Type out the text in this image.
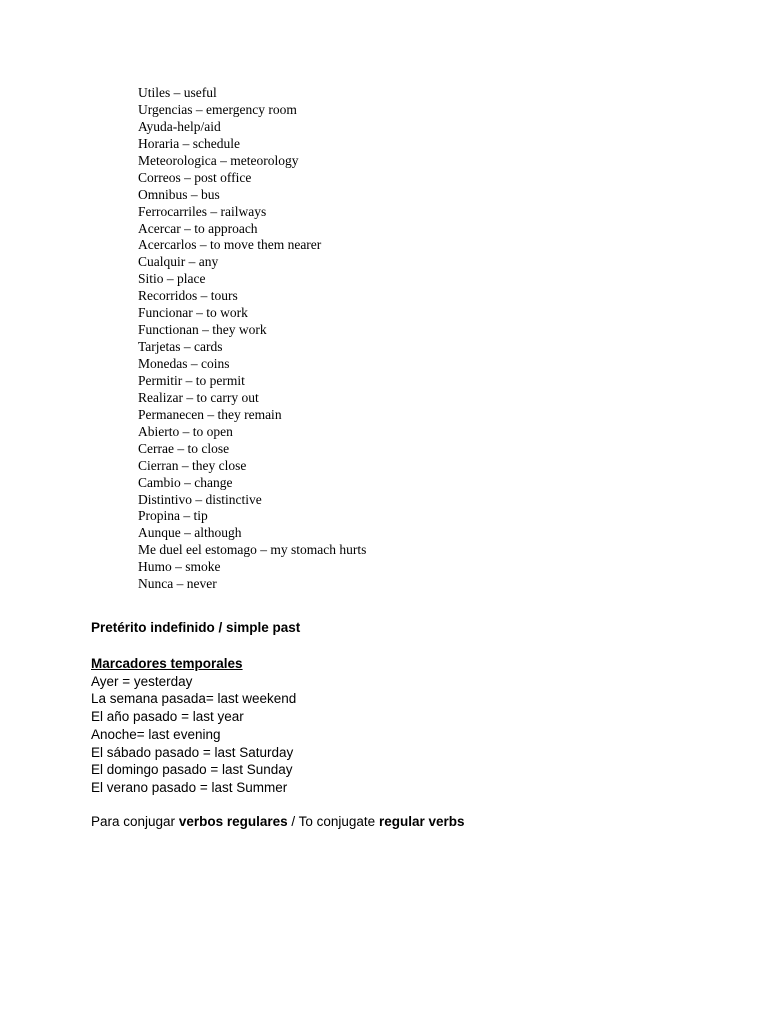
Utiles – useful
Urgencias – emergency room
Ayuda-help/aid
Horaria – schedule
Meteorologica – meteorology
Correos – post office
Omnibus – bus
Ferrocarriles – railways
Acercar – to approach
Acercarlos – to move them nearer
Cualquir – any
Sitio – place
Recorridos – tours
Funcionar – to work
Functionan – they work
Tarjetas – cards
Monedas – coins
Permitir – to permit
Realizar – to carry out
Permanecen – they remain
Abierto – to open
Cerrae – to close
Cierran – they close
Cambio – change
Distintivo – distinctive
Propina – tip
Aunque – although
Me duel eel estomago – my stomach hurts
Humo – smoke
Nunca – never
Pretérito indefinido / simple past
Marcadores temporales
Ayer = yesterday
La semana pasada= last weekend
El año pasado = last year
Anoche= last evening
El sábado pasado = last Saturday
El domingo pasado = last Sunday
El verano pasado = last Summer
Para conjugar verbos regulares / To conjugate regular verbs
